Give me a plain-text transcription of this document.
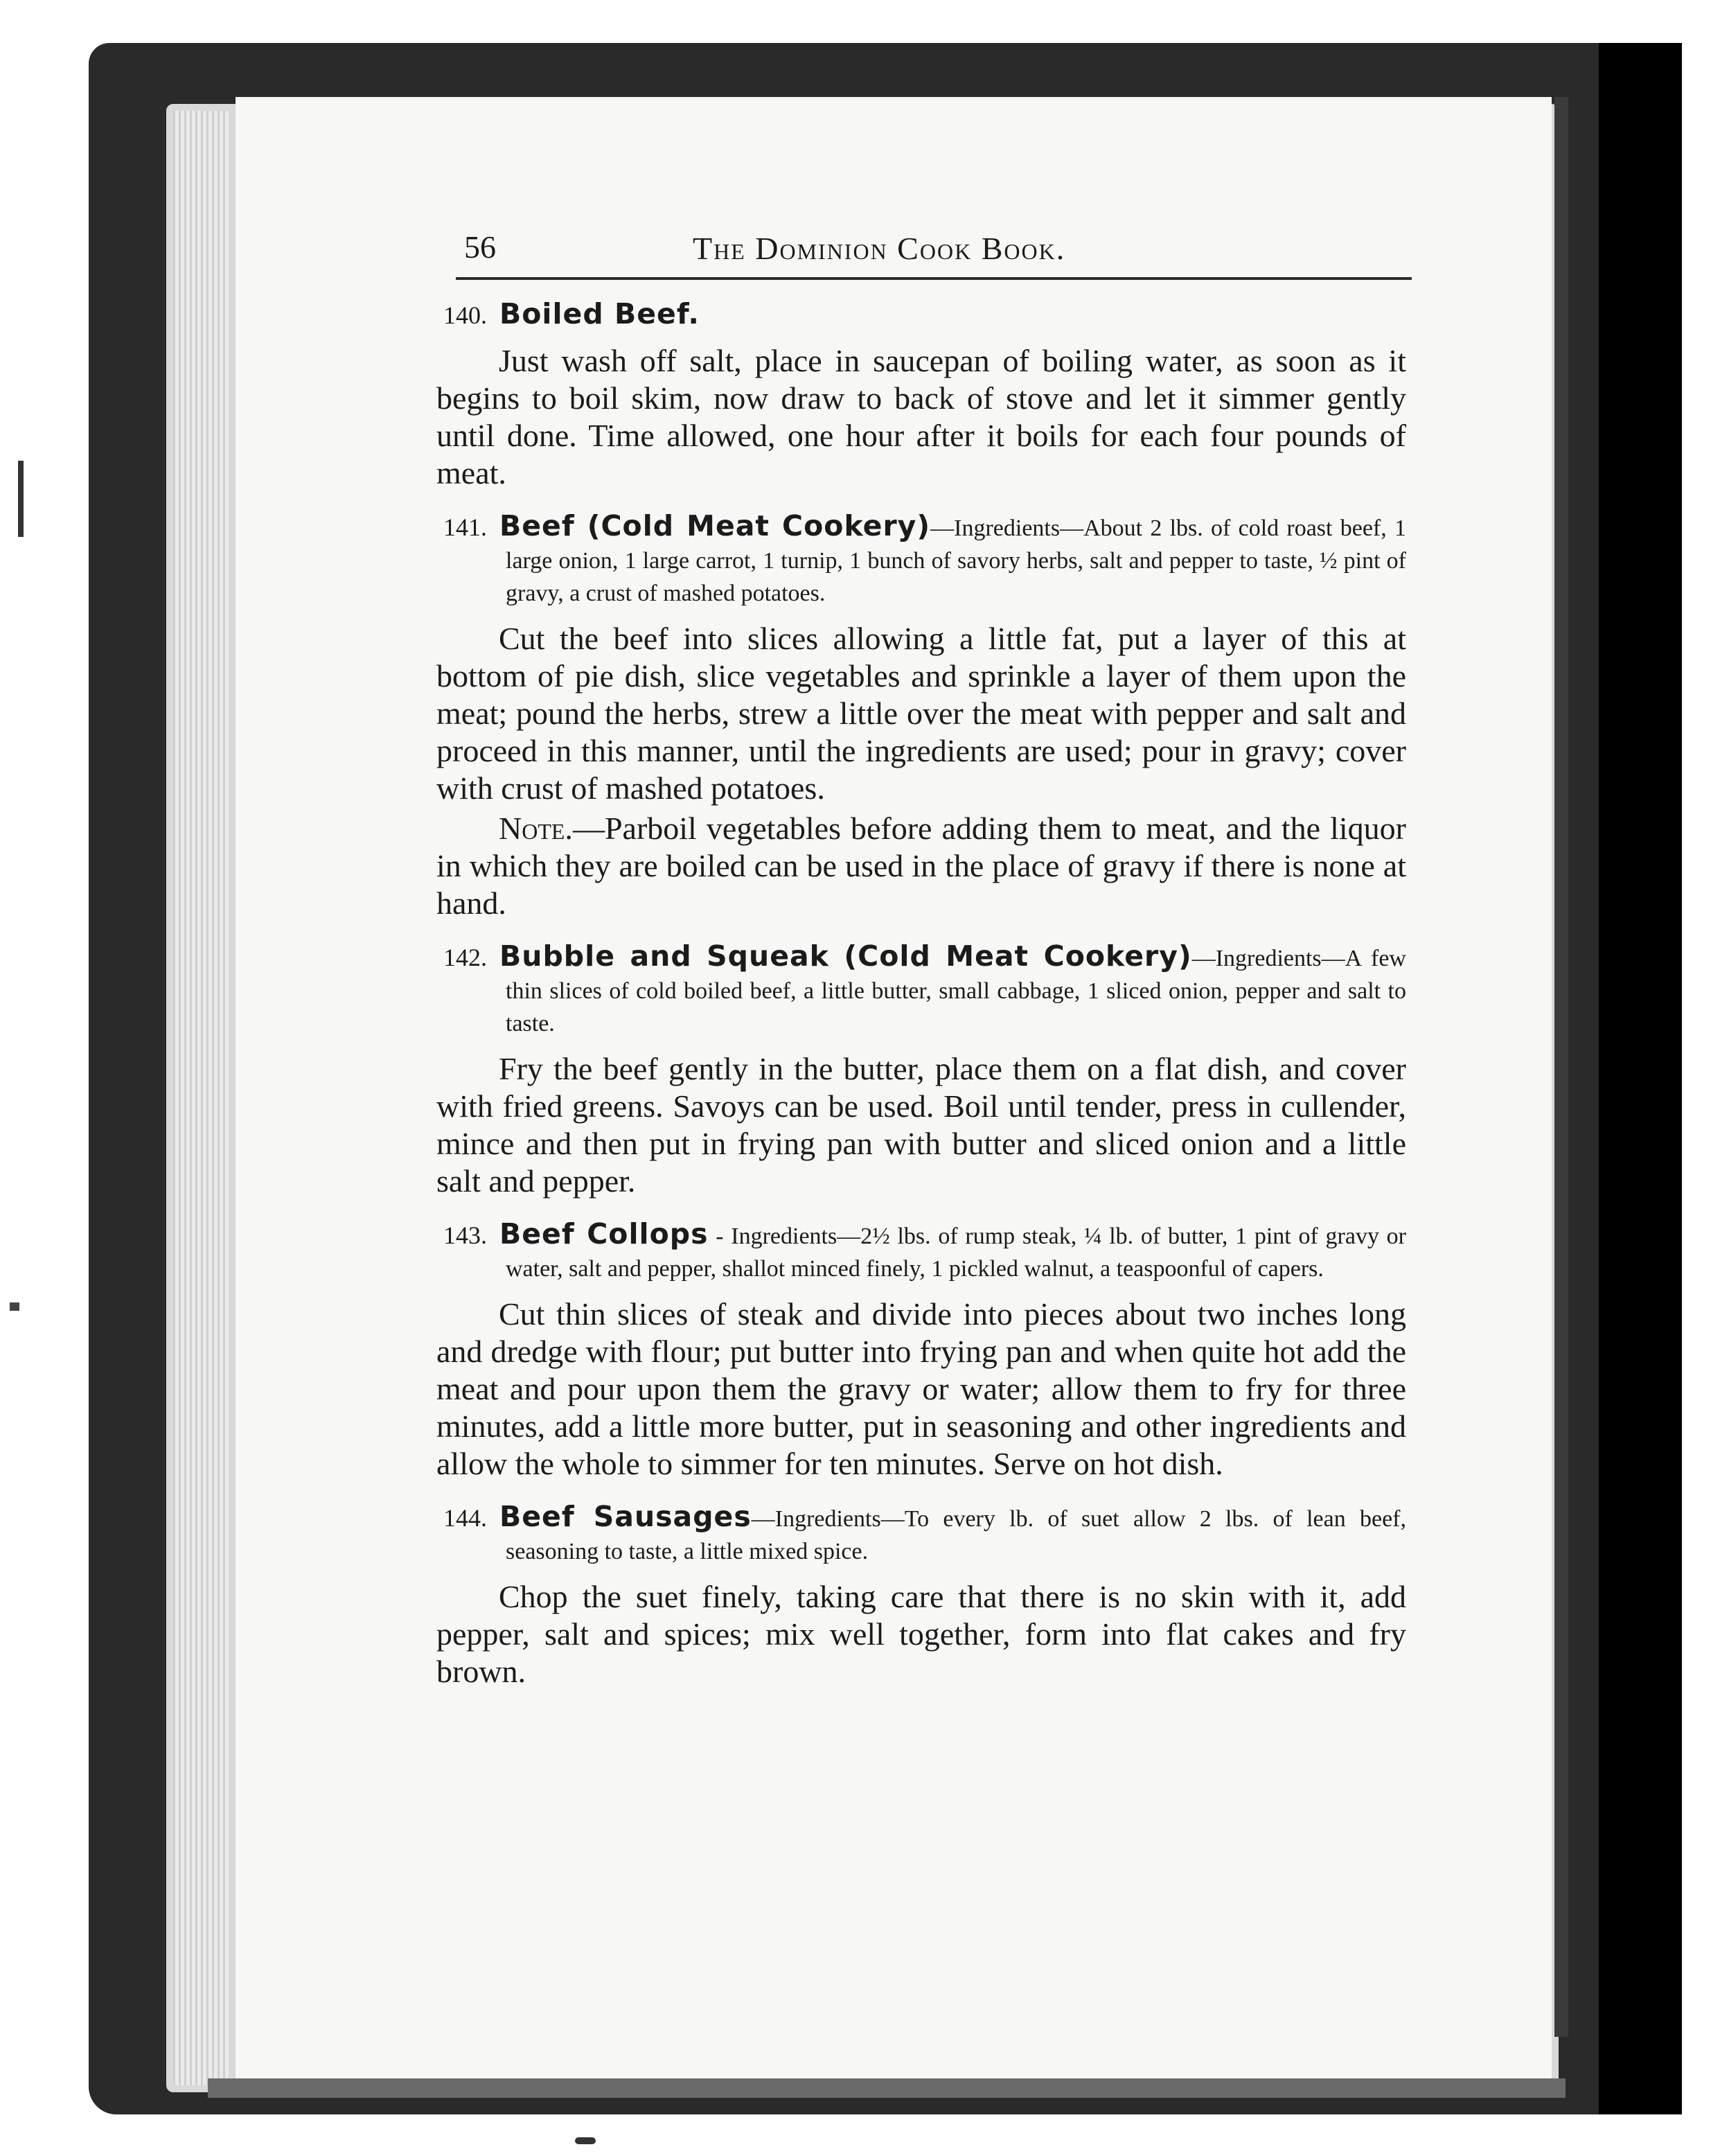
56	The Dominion Cook Book.
140. Boiled Beef.

Just wash off salt, place in saucepan of boiling water, as soon as it begins to boil skim, now draw to back of stove and let it simmer gently until done. Time allowed, one hour after it boils for each four pounds of meat.

141. Beef (Cold Meat Cookery)—Ingredients—About 2 lbs. of cold roast beef, 1 large onion, 1 large carrot, 1 turnip, 1 bunch of savory herbs, salt and pepper to taste, ½ pint of gravy, a crust of mashed potatoes.

Cut the beef into slices allowing a little fat, put a layer of this at bottom of pie dish, slice vegetables and sprinkle a layer of them upon the meat; pound the herbs, strew a little over the meat with pepper and salt and proceed in this manner, until the ingredients are used; pour in gravy; cover with crust of mashed potatoes.

Note.—Parboil vegetables before adding them to meat, and the liquor in which they are boiled can be used in the place of gravy if there is none at hand.

142. Bubble and Squeak (Cold Meat Cookery)—Ingredients—A few thin slices of cold boiled beef, a little butter, small cabbage, 1 sliced onion, pepper and salt to taste.

Fry the beef gently in the butter, place them on a flat dish, and cover with fried greens. Savoys can be used. Boil until tender, press in cullender, mince and then put in frying pan with butter and sliced onion and a little salt and pepper.

143. Beef Collops - Ingredients—2½ lbs. of rump steak, ¼ lb. of butter, 1 pint of gravy or water, salt and pepper, shallot minced finely, 1 pickled walnut, a teaspoonful of capers.

Cut thin slices of steak and divide into pieces about two inches long and dredge with flour; put butter into frying pan and when quite hot add the meat and pour upon them the gravy or water; allow them to fry for three minutes, add a little more butter, put in seasoning and other ingredients and allow the whole to simmer for ten minutes. Serve on hot dish.

144. Beef Sausages—Ingredients—To every lb. of suet allow 2 lbs. of lean beef, seasoning to taste, a little mixed spice.

Chop the suet finely, taking care that there is no skin with it, add pepper, salt and spices; mix well together, form into flat cakes and fry brown.
